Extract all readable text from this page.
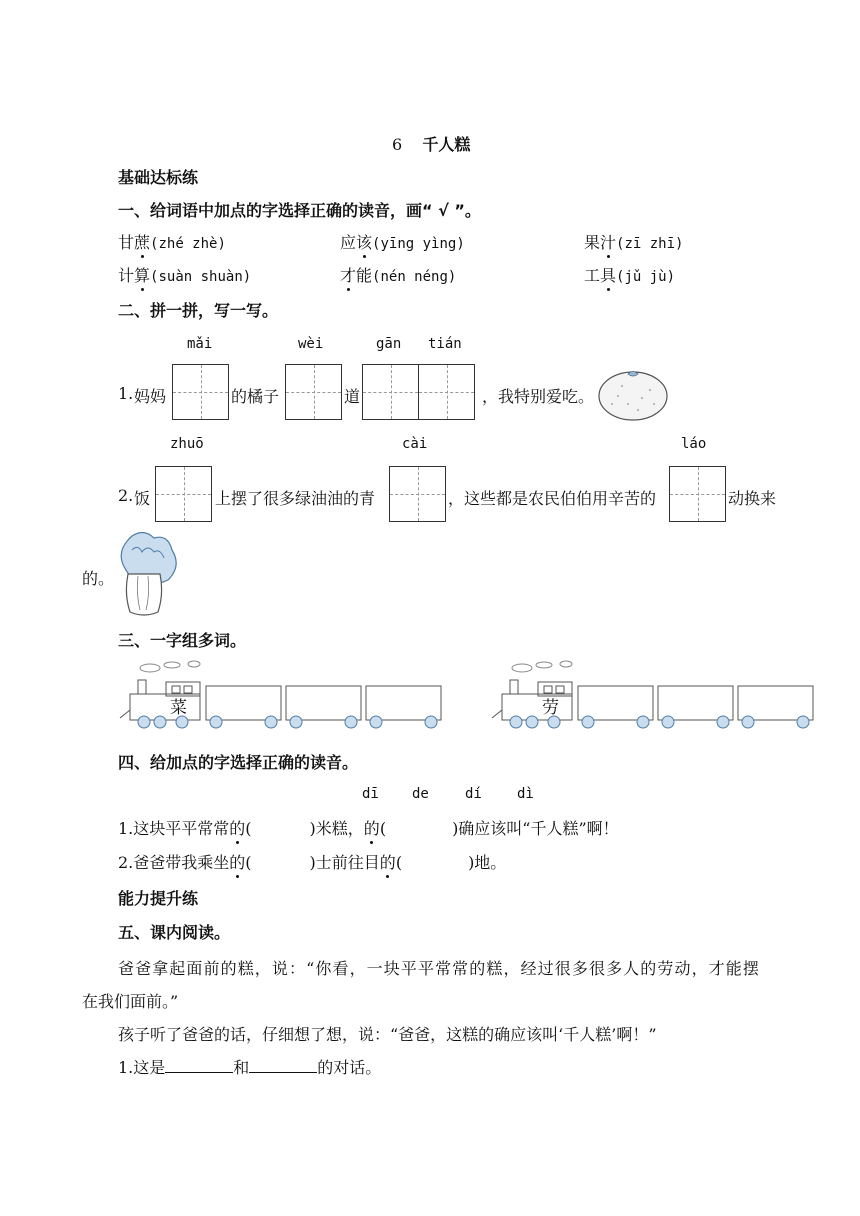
6 千人糕
基础达标练
一、给词语中加点的字选择正确的读音，画“ √ ”。
甘蔗(zhé zhè)	应该(yīng yìng)	果汁(zī zhī)
计算(suàn shuàn)	才能(nén néng)	工具(jǔ jù)
二、拼一拼，写一写。
mǎi	wèi	gān tián
1. 妈妈	的橘子	道	，我特别爱吃。
zhuō	cài	láo
2. 饭	上摆了很多绿油油的青	，这些都是农民伯伯用辛苦的	动换来
的。
三、一字组多词。
菜	劳
四、给加点的字选择正确的读音。
dī de	dí	dì
1.这块平平常常的(	)米糕，的(	)确应该叫“千人糕”啊！
2.爸爸带我乘坐的(	)士前往目的(	)地。
能力提升练
五、课内阅读。
爸爸拿起面前的糕，说：“你看，一块平平常常的糕，经过很多很多人的劳动，才能摆
在我们面前。”
孩子听了爸爸的话，仔细想了想，说：“爸爸，这糕的确应该叫‘千人糕’啊！”
1.这是	和	的对话。
